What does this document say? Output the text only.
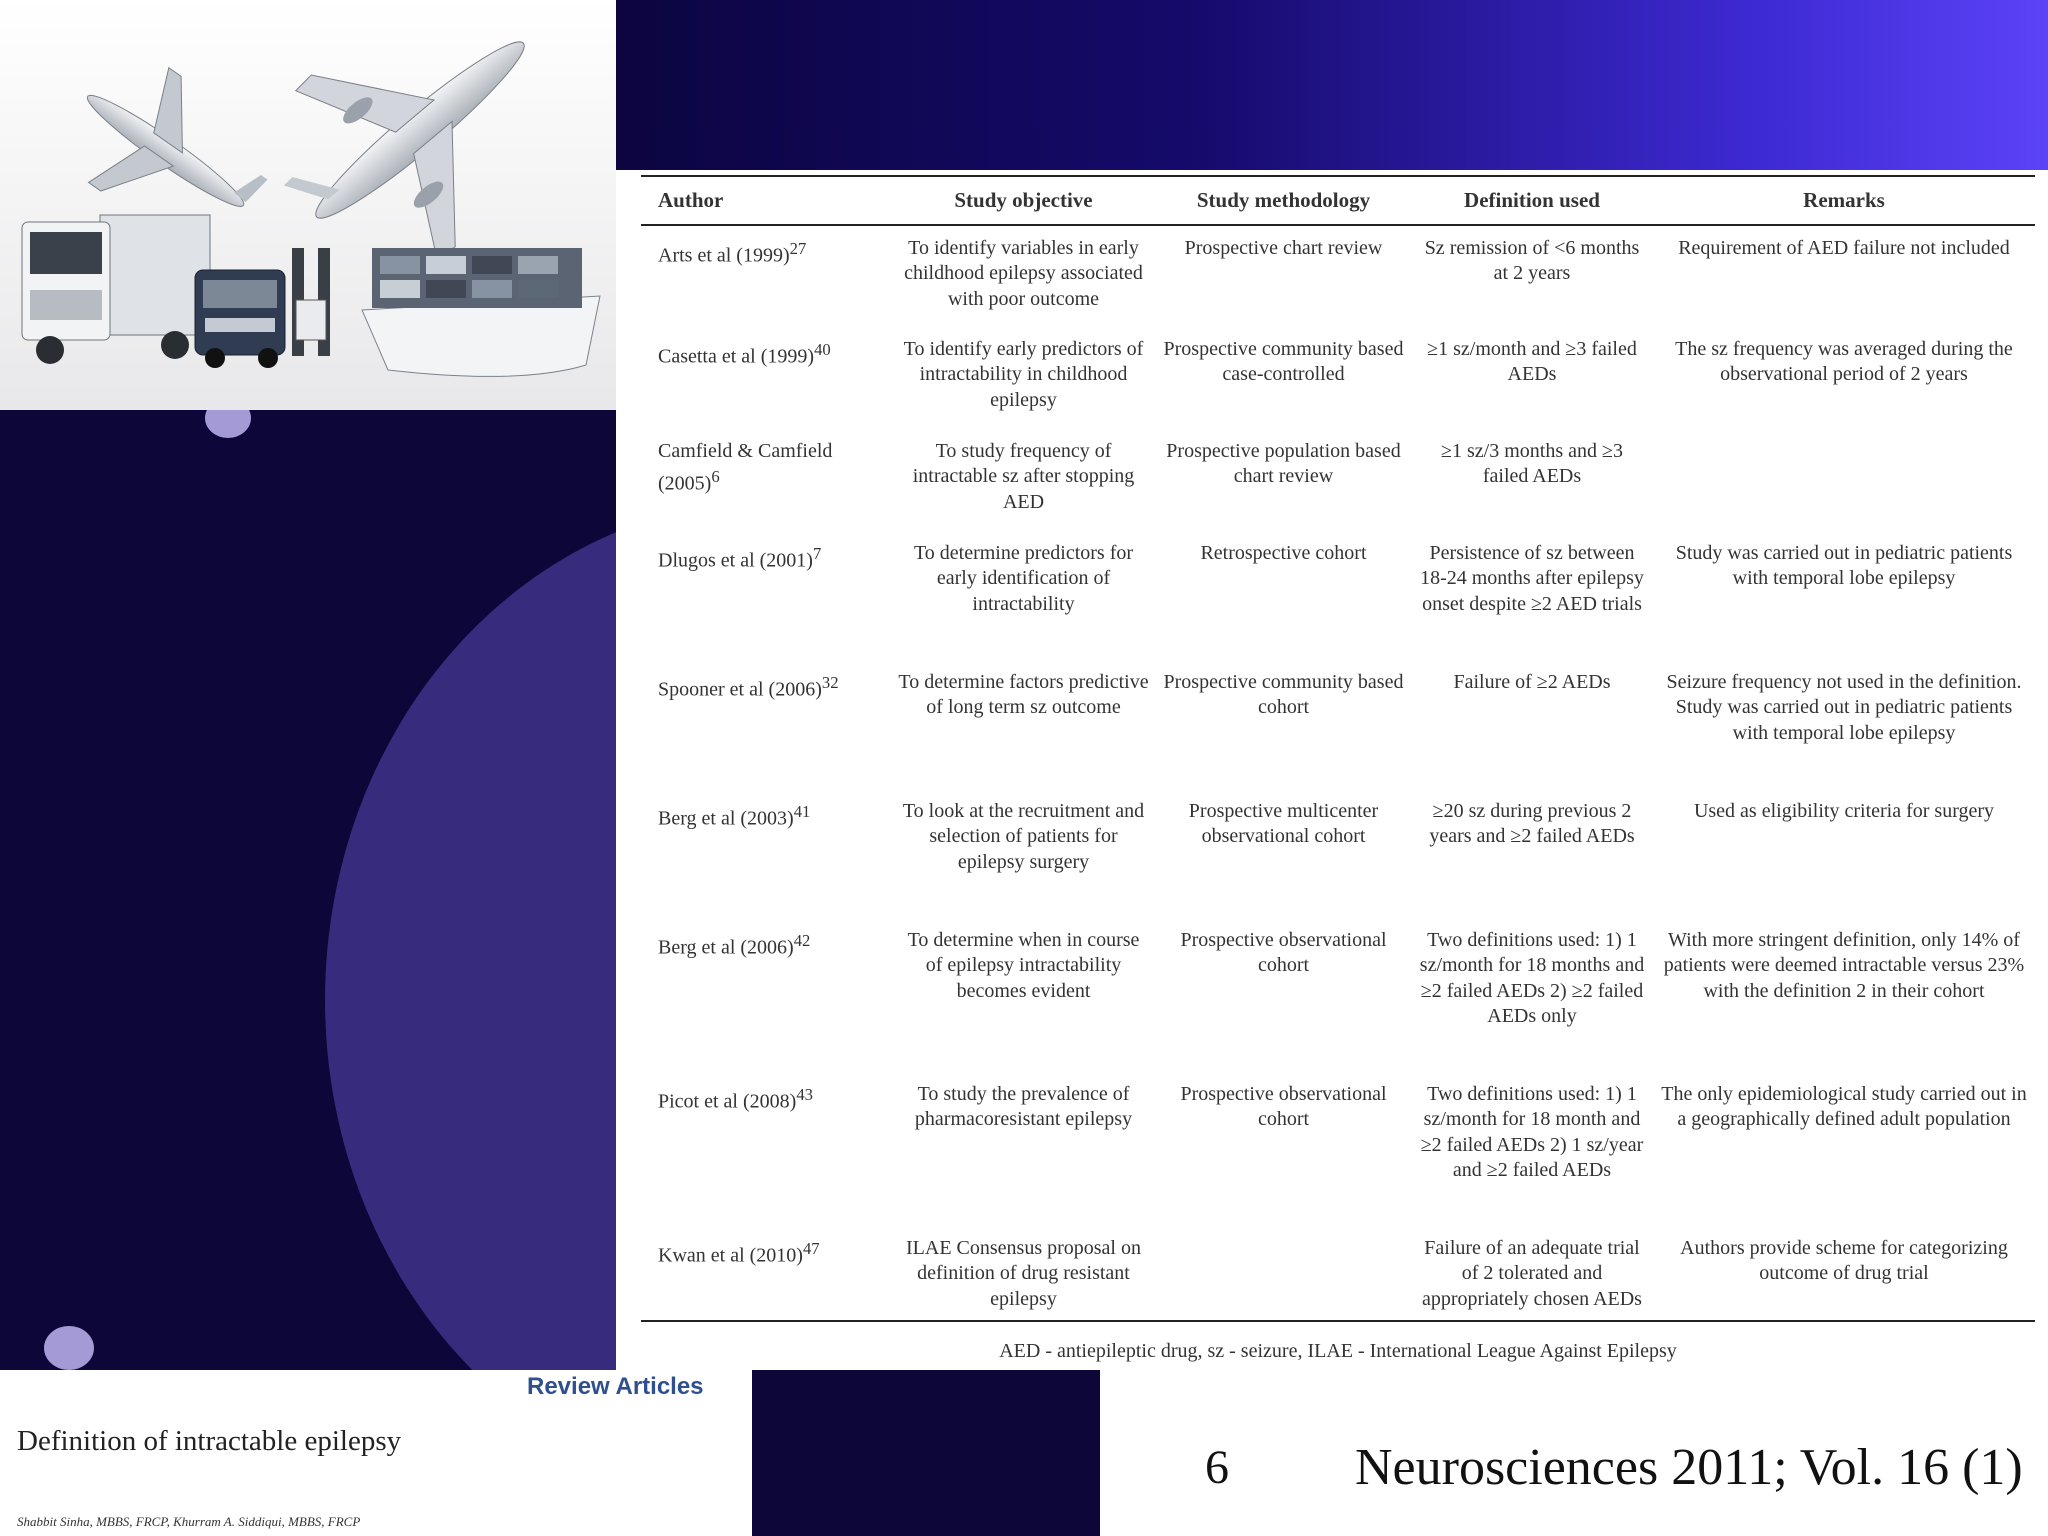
Author	Study objective	Study methodology	Definition used	Remarks
Arts et al $(1999)^{27}$	To identify variables in early childhood epilepsy associated with poor outcome	Prospective chart review	Sz remission of <6 months at 2 years	Requirement of AED failure not included
Casetta et al $(1999)^{40}$	To identify early predictors of intractability in childhood epilepsy	Prospective community based case-controlled	≥1 sz/month and ≥3 failed AEDs	The sz frequency was averaged during the observational period of 2 years
Camfield & Camfield $(2005)^6$	To study frequency of intractable sz after stopping AED	Prospective population based chart review	≥1 sz/3 months and ≥3 failed AEDs	
Dlugos et al $(2001)^7$	To determine predictors for early identification of intractability	Retrospective cohort	Persistence of sz between 18-24 months after epilepsy onset despite ≥2 AED trials	Study was carried out in pediatric patients with temporal lobe epilepsy
Spooner et al $(2006)^{32}$	To determine factors predictive of long term sz outcome	Prospective community based cohort	Failure of ≥2 AEDs	Seizure frequency not used in the definition. Study was carried out in pediatric patients with temporal lobe epilepsy
Berg et al $(2003)^{41}$	To look at the recruitment and selection of patients for epilepsy surgery	Prospective multicenter observational cohort	≥20 sz during previous 2 years and ≥2 failed AEDs	Used as eligibility criteria for surgery
Berg et al $(2006)^{42}$	To determine when in course of epilepsy intractability becomes evident	Prospective observational cohort	Two definitions used: 1) 1 sz/month for 18 months and ≥2 failed AEDs 2) ≥2 failed AEDs only	With more stringent definition, only 14% of patients were deemed intractable versus 23% with the definition 2 in their cohort
Picot et al $(2008)^{43}$	To study the prevalence of pharmacoresistant epilepsy	Prospective observational cohort	Two definitions used: 1) 1 sz/month for 18 month and ≥2 failed AEDs 2) 1 sz/year and ≥2 failed AEDs	The only epidemiological study carried out in a geographically defined adult population
Kwan et al $(2010)^{47}$	ILAE Consensus proposal on definition of drug resistant epilepsy		Failure of an adequate trial of 2 tolerated and appropriately chosen AEDs	Authors provide scheme for categorizing outcome of drug trial
AED - antiepileptic drug, sz - seizure, ILAE - International League Against Epilepsy
Review Articles
Definition of intractable epilepsy
Shabbit Sinha, MBBS, FRCP, Khurram A. Siddiqui, MBBS, FRCP
6 Neurosciences 2011; Vol. 16 (1)
